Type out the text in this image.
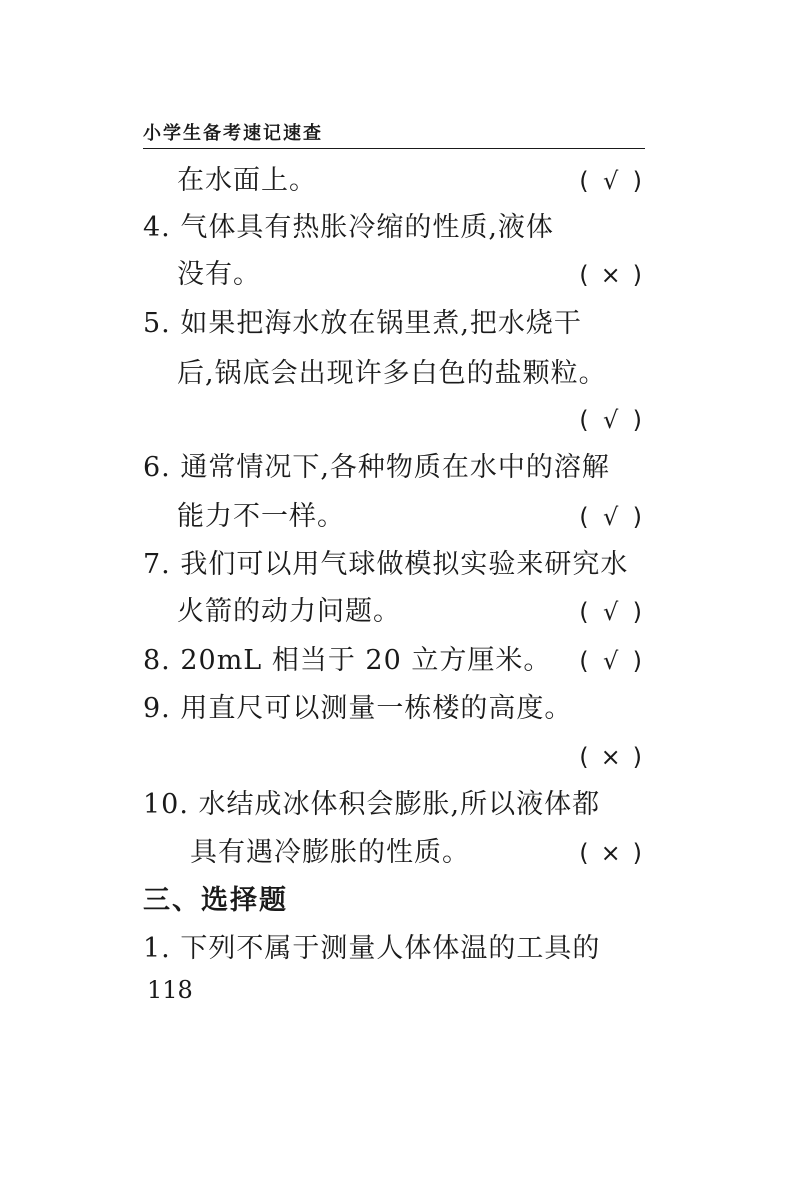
小学生备考速记速查
在水面上。	( √ )
4. 气体具有热胀冷缩的性质,液体
没有。	( × )
5. 如果把海水放在锅里煮,把水烧干
后,锅底会出现许多白色的盐颗粒。
( √ )
6. 通常情况下,各种物质在水中的溶解
能力不一样。	( √ )
7. 我们可以用气球做模拟实验来研究水
火箭的动力问题。	( √ )
8. 20mL 相当于 20 立方厘米。 ( √ )
9. 用直尺可以测量一栋楼的高度。
( × )
10. 水结成冰体积会膨胀,所以液体都
具有遇冷膨胀的性质。	( × )
三、选择题
1. 下列不属于测量人体体温的工具的
118
